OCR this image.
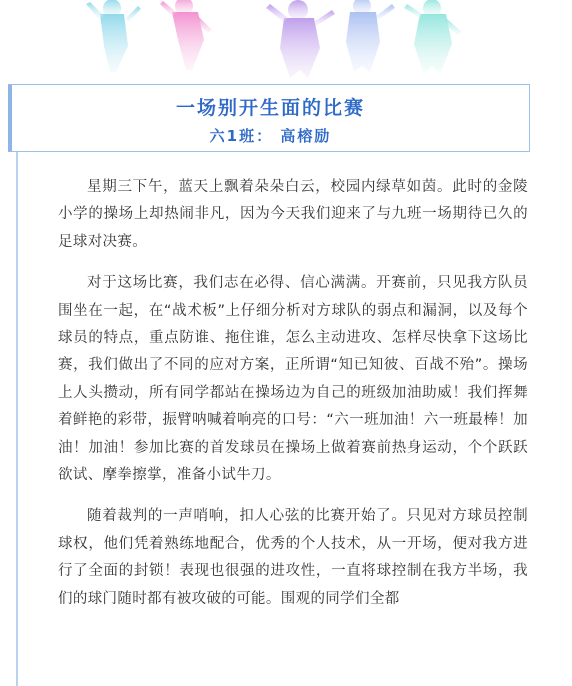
一场别开生面的比赛
六1班： 高榕励

星期三下午，蓝天上飘着朵朵白云，校园内绿草如茵。此时的金陵小学的操场上却热闹非凡，因为今天我们迎来了与九班一场期待已久的足球对决赛。

对于这场比赛，我们志在必得、信心满满。开赛前，只见我方队员围坐在一起，在“战术板”上仔细分析对方球队的弱点和漏洞，以及每个球员的特点，重点防谁、拖住谁，怎么主动进攻、怎样尽快拿下这场比赛，我们做出了不同的应对方案，正所谓“知已知彼、百战不殆”。操场上人头攒动，所有同学都站在操场边为自己的班级加油助威！我们挥舞着鲜艳的彩带，振臂呐喊着响亮的口号：“六一班加油！六一班最棒！加油！加油！参加比赛的首发球员在操场上做着赛前热身运动，个个跃跃欲试、摩拳擦掌，准备小试牛刀。

随着裁判的一声哨响，扣人心弦的比赛开始了。只见对方球员控制球权，他们凭着熟练地配合，优秀的个人技术，从一开场，便对我方进行了全面的封锁！表现也很强的进攻性，一直将球控制在我方半场，我们的球门随时都有被攻破的可能。围观的同学们全都
